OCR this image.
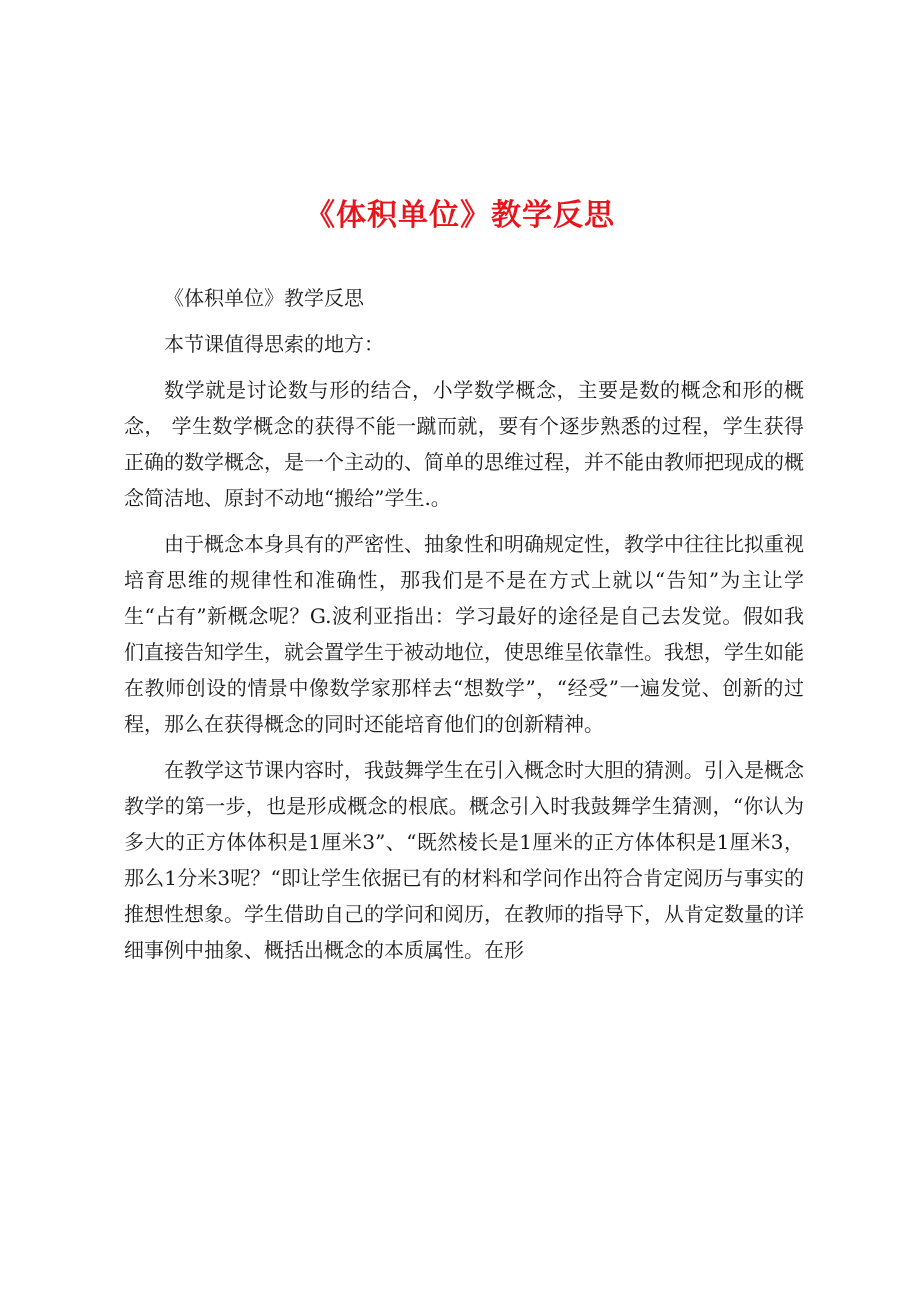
《体积单位》教学反思

《体积单位》教学反思

本节课值得思索的地方：

数学就是讨论数与形的结合，小学数学概念，主要是数的概念和形的概念， 学生数学概念的获得不能一蹴而就，要有个逐步熟悉的过程，学生获得正确的数学概念，是一个主动的、简单的思维过程，并不能由教师把现成的概念简洁地、原封不动地“搬给”学生.。

由于概念本身具有的严密性、抽象性和明确规定性，教学中往往比拟重视培育思维的规律性和准确性，那我们是不是在方式上就以“告知”为主让学生“占有”新概念呢？G.波利亚指出：学习最好的途径是自己去发觉。假如我们直接告知学生，就会置学生于被动地位，使思维呈依靠性。我想，学生如能在教师创设的情景中像数学家那样去“想数学”，“经受”一遍发觉、创新的过程，那么在获得概念的同时还能培育他们的创新精神。

在教学这节课内容时，我鼓舞学生在引入概念时大胆的猜测。引入是概念教学的第一步，也是形成概念的根底。概念引入时我鼓舞学生猜测，“你认为多大的正方体体积是1厘米3”、“既然棱长是1厘米的正方体体积是1厘米3，那么1分米3呢？“即让学生依据已有的材料和学问作出符合肯定阅历与事实的推想性想象。学生借助自己的学问和阅历，在教师的指导下，从肯定数量的详细事例中抽象、概括出概念的本质属性。在形
